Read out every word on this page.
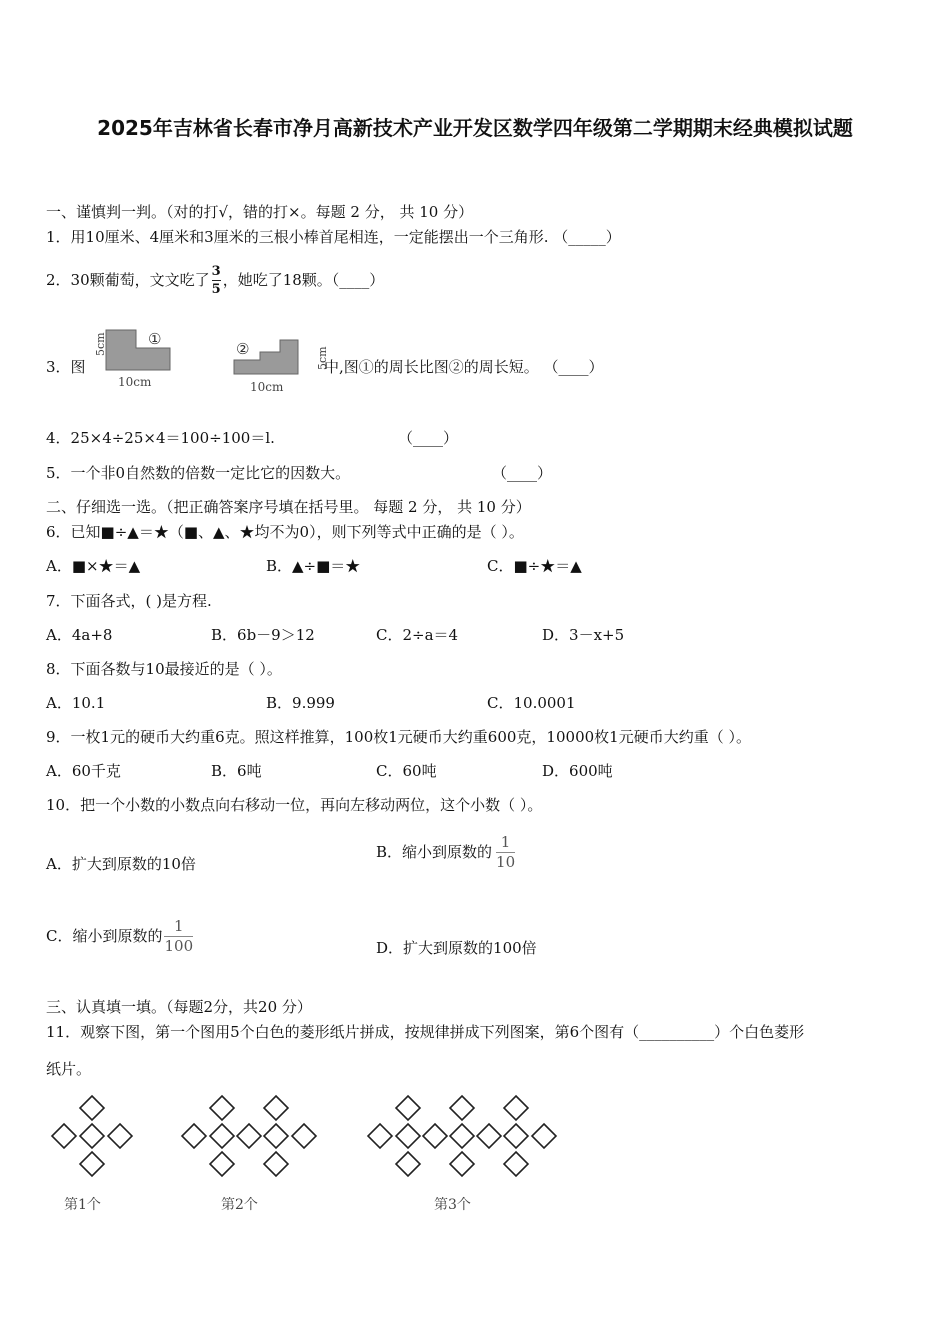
2025年吉林省长春市净月高新技术产业开发区数学四年级第二学期期末经典模拟试题
一、谨慎判一判。（对的打√，错的打×。每题 2 分， 共 10 分）
1．用10厘米、4厘米和3厘米的三根小棒首尾相连，一定能摆出一个三角形. （_____）
2．30颗葡萄，文文吃了 $\frac{3}{5}$ ，她吃了18颗。（____）
3．图
5cm
10cm
①
②
10cm
5cm
中,图①的周长比图②的周长短。 （____）
4．25×4÷25×4＝100÷100＝l.	（____）
5．一个非0自然数的倍数一定比它的因数大。	（____）
二、仔细选一选。（把正确答案序号填在括号里。 每题 2 分， 共 10 分）
6．已知■÷▲＝★（■、▲、★均不为0），则下列等式中正确的是（ ）。
A．■×★＝▲	B．▲÷■＝★	C．■÷★＝▲
7．下面各式，( )是方程.
A．4a+8	B．6b－9＞12	C．2÷a＝4	D．3－x+5
8．下面各数与10最接近的是（ ）。
A．10.1	B．9.999	C．10.0001
9．一枚1元的硬币大约重6克。照这样推算，100枚1元硬币大约重600克，10000枚1元硬币大约重（ ）。
A．60千克	B．6吨	C．60吨	D．600吨
10．把一个小数的小数点向右移动一位，再向左移动两位，这个小数（ ）。
A．扩大到原数的10倍
B．缩小到原数的 $\frac{1}{10}$
C．缩小到原数的 $\frac{1}{100}$	D．扩大到原数的100倍
三、认真填一填。（每题2分，共20 分）
11．观察下图，第一个图用5个白色的菱形纸片拼成，按规律拼成下列图案，第6个图有（__________）个白色菱形
纸片。
第1个	第2个	第3个
